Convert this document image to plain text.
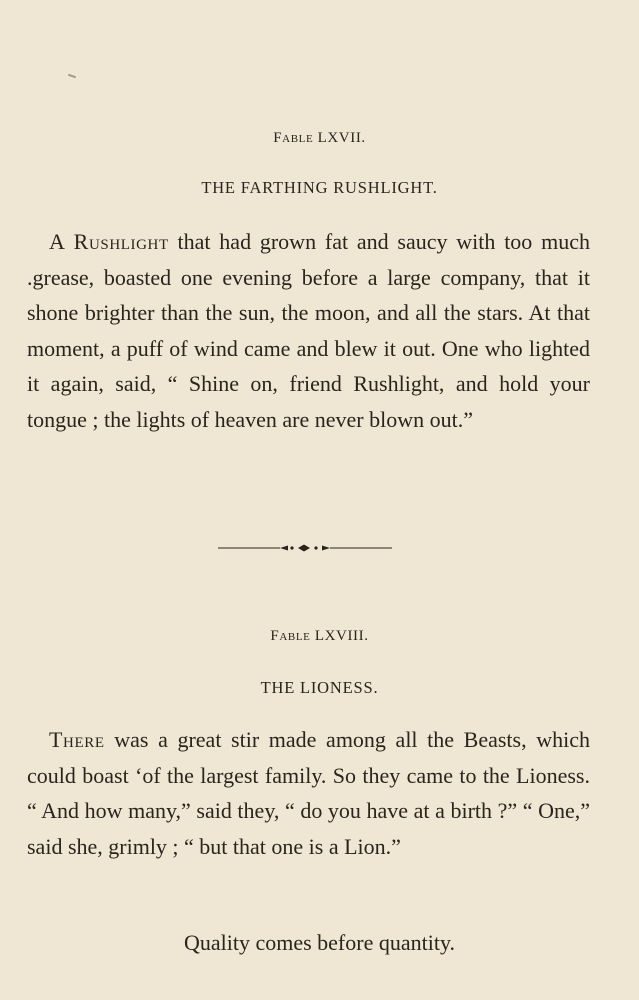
Fable LXVII.
THE FARTHING RUSHLIGHT.

A Rushlight that had grown fat and saucy with too much .grease, boasted one evening before a large company, that it shone brighter than the sun, the moon, and all the stars. At that moment, a puff of wind came and blew it out. One who lighted it again, said, “ Shine on, friend Rushlight, and hold your tongue ; the lights of heaven are never blown out.”

Fable LXVIII.
THE LIONESS.

There was a great stir made among all the Beasts, which could boast ‘of the largest family. So they came to the Lioness. “ And how many,” said they, “ do you have at a birth ?” “ One,” said she, grimly ; “ but that one is a Lion.”

Quality comes before quantity.
